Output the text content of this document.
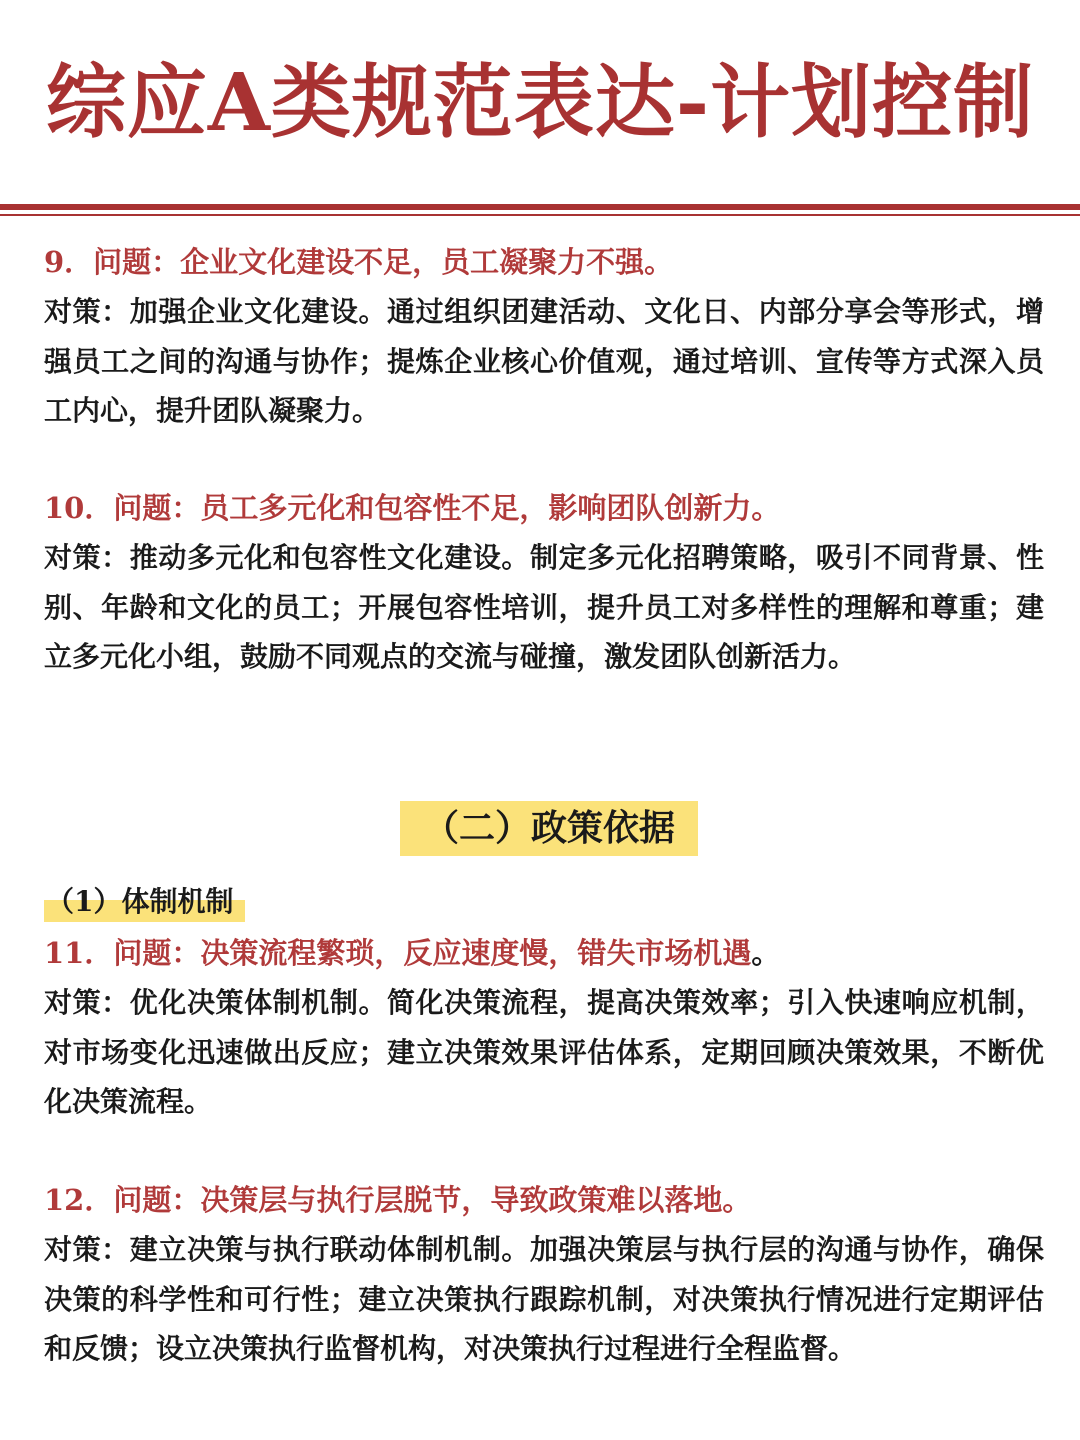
综应A类规范表达-计划控制
9．问题：企业文化建设不足，员工凝聚力不强。
对策：加强企业文化建设。通过组织团建活动、文化日、内部分享会等形式，增强员工之间的沟通与协作；提炼企业核心价值观，通过培训、宣传等方式深入员工内心，提升团队凝聚力。
10．问题：员工多元化和包容性不足，影响团队创新力。
对策：推动多元化和包容性文化建设。制定多元化招聘策略，吸引不同背景、性别、年龄和文化的员工；开展包容性培训，提升员工对多样性的理解和尊重；建立多元化小组，鼓励不同观点的交流与碰撞，激发团队创新活力。
（二）政策依据
（1）体制机制
11．问题：决策流程繁琐，反应速度慢，错失市场机遇。
对策：优化决策体制机制。简化决策流程，提高决策效率；引入快速响应机制，对市场变化迅速做出反应；建立决策效果评估体系，定期回顾决策效果，不断优化决策流程。
12．问题：决策层与执行层脱节，导致政策难以落地。
对策：建立决策与执行联动体制机制。加强决策层与执行层的沟通与协作，确保决策的科学性和可行性；建立决策执行跟踪机制，对决策执行情况进行定期评估和反馈；设立决策执行监督机构，对决策执行过程进行全程监督。
